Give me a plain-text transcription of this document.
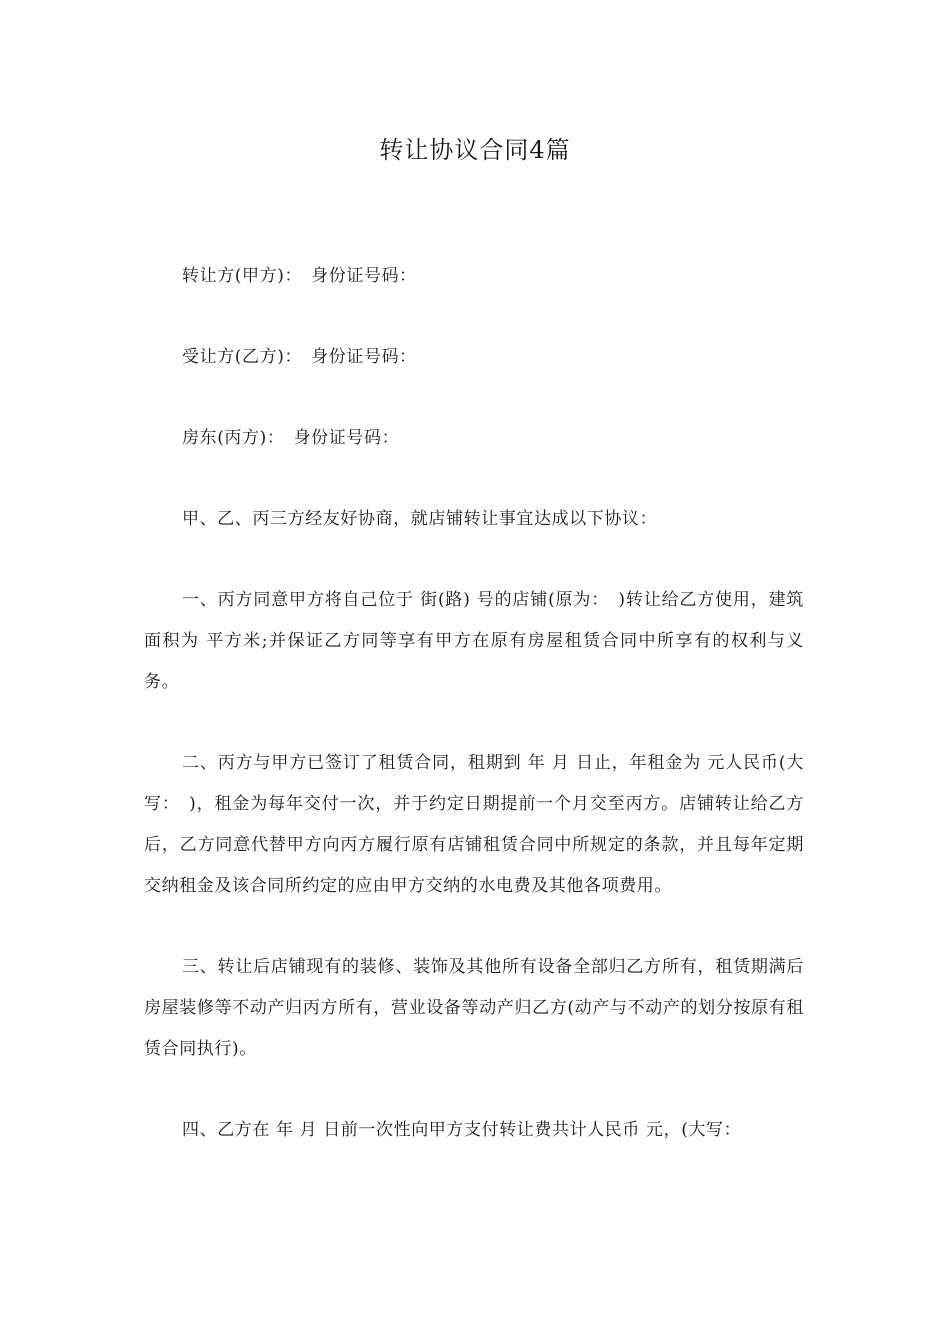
转让协议合同4篇

转让方(甲方)：　身份证号码：

受让方(乙方)：　身份证号码：

房东(丙方)：　身份证号码：

甲、乙、丙三方经友好协商，就店铺转让事宜达成以下协议：

一、丙方同意甲方将自己位于 街(路) 号的店铺(原为：　)转让给乙方使用，建筑面积为 平方米;并保证乙方同等享有甲方在原有房屋租赁合同中所享有的权利与义务。

二、丙方与甲方已签订了租赁合同，租期到 年 月 日止，年租金为 元人民币(大写：　)，租金为每年交付一次，并于约定日期提前一个月交至丙方。店铺转让给乙方后，乙方同意代替甲方向丙方履行原有店铺租赁合同中所规定的条款，并且每年定期交纳租金及该合同所约定的应由甲方交纳的水电费及其他各项费用。

三、转让后店铺现有的装修、装饰及其他所有设备全部归乙方所有，租赁期满后房屋装修等不动产归丙方所有，营业设备等动产归乙方(动产与不动产的划分按原有租赁合同执行)。

四、乙方在 年 月 日前一次性向甲方支付转让费共计人民币 元，(大写：
